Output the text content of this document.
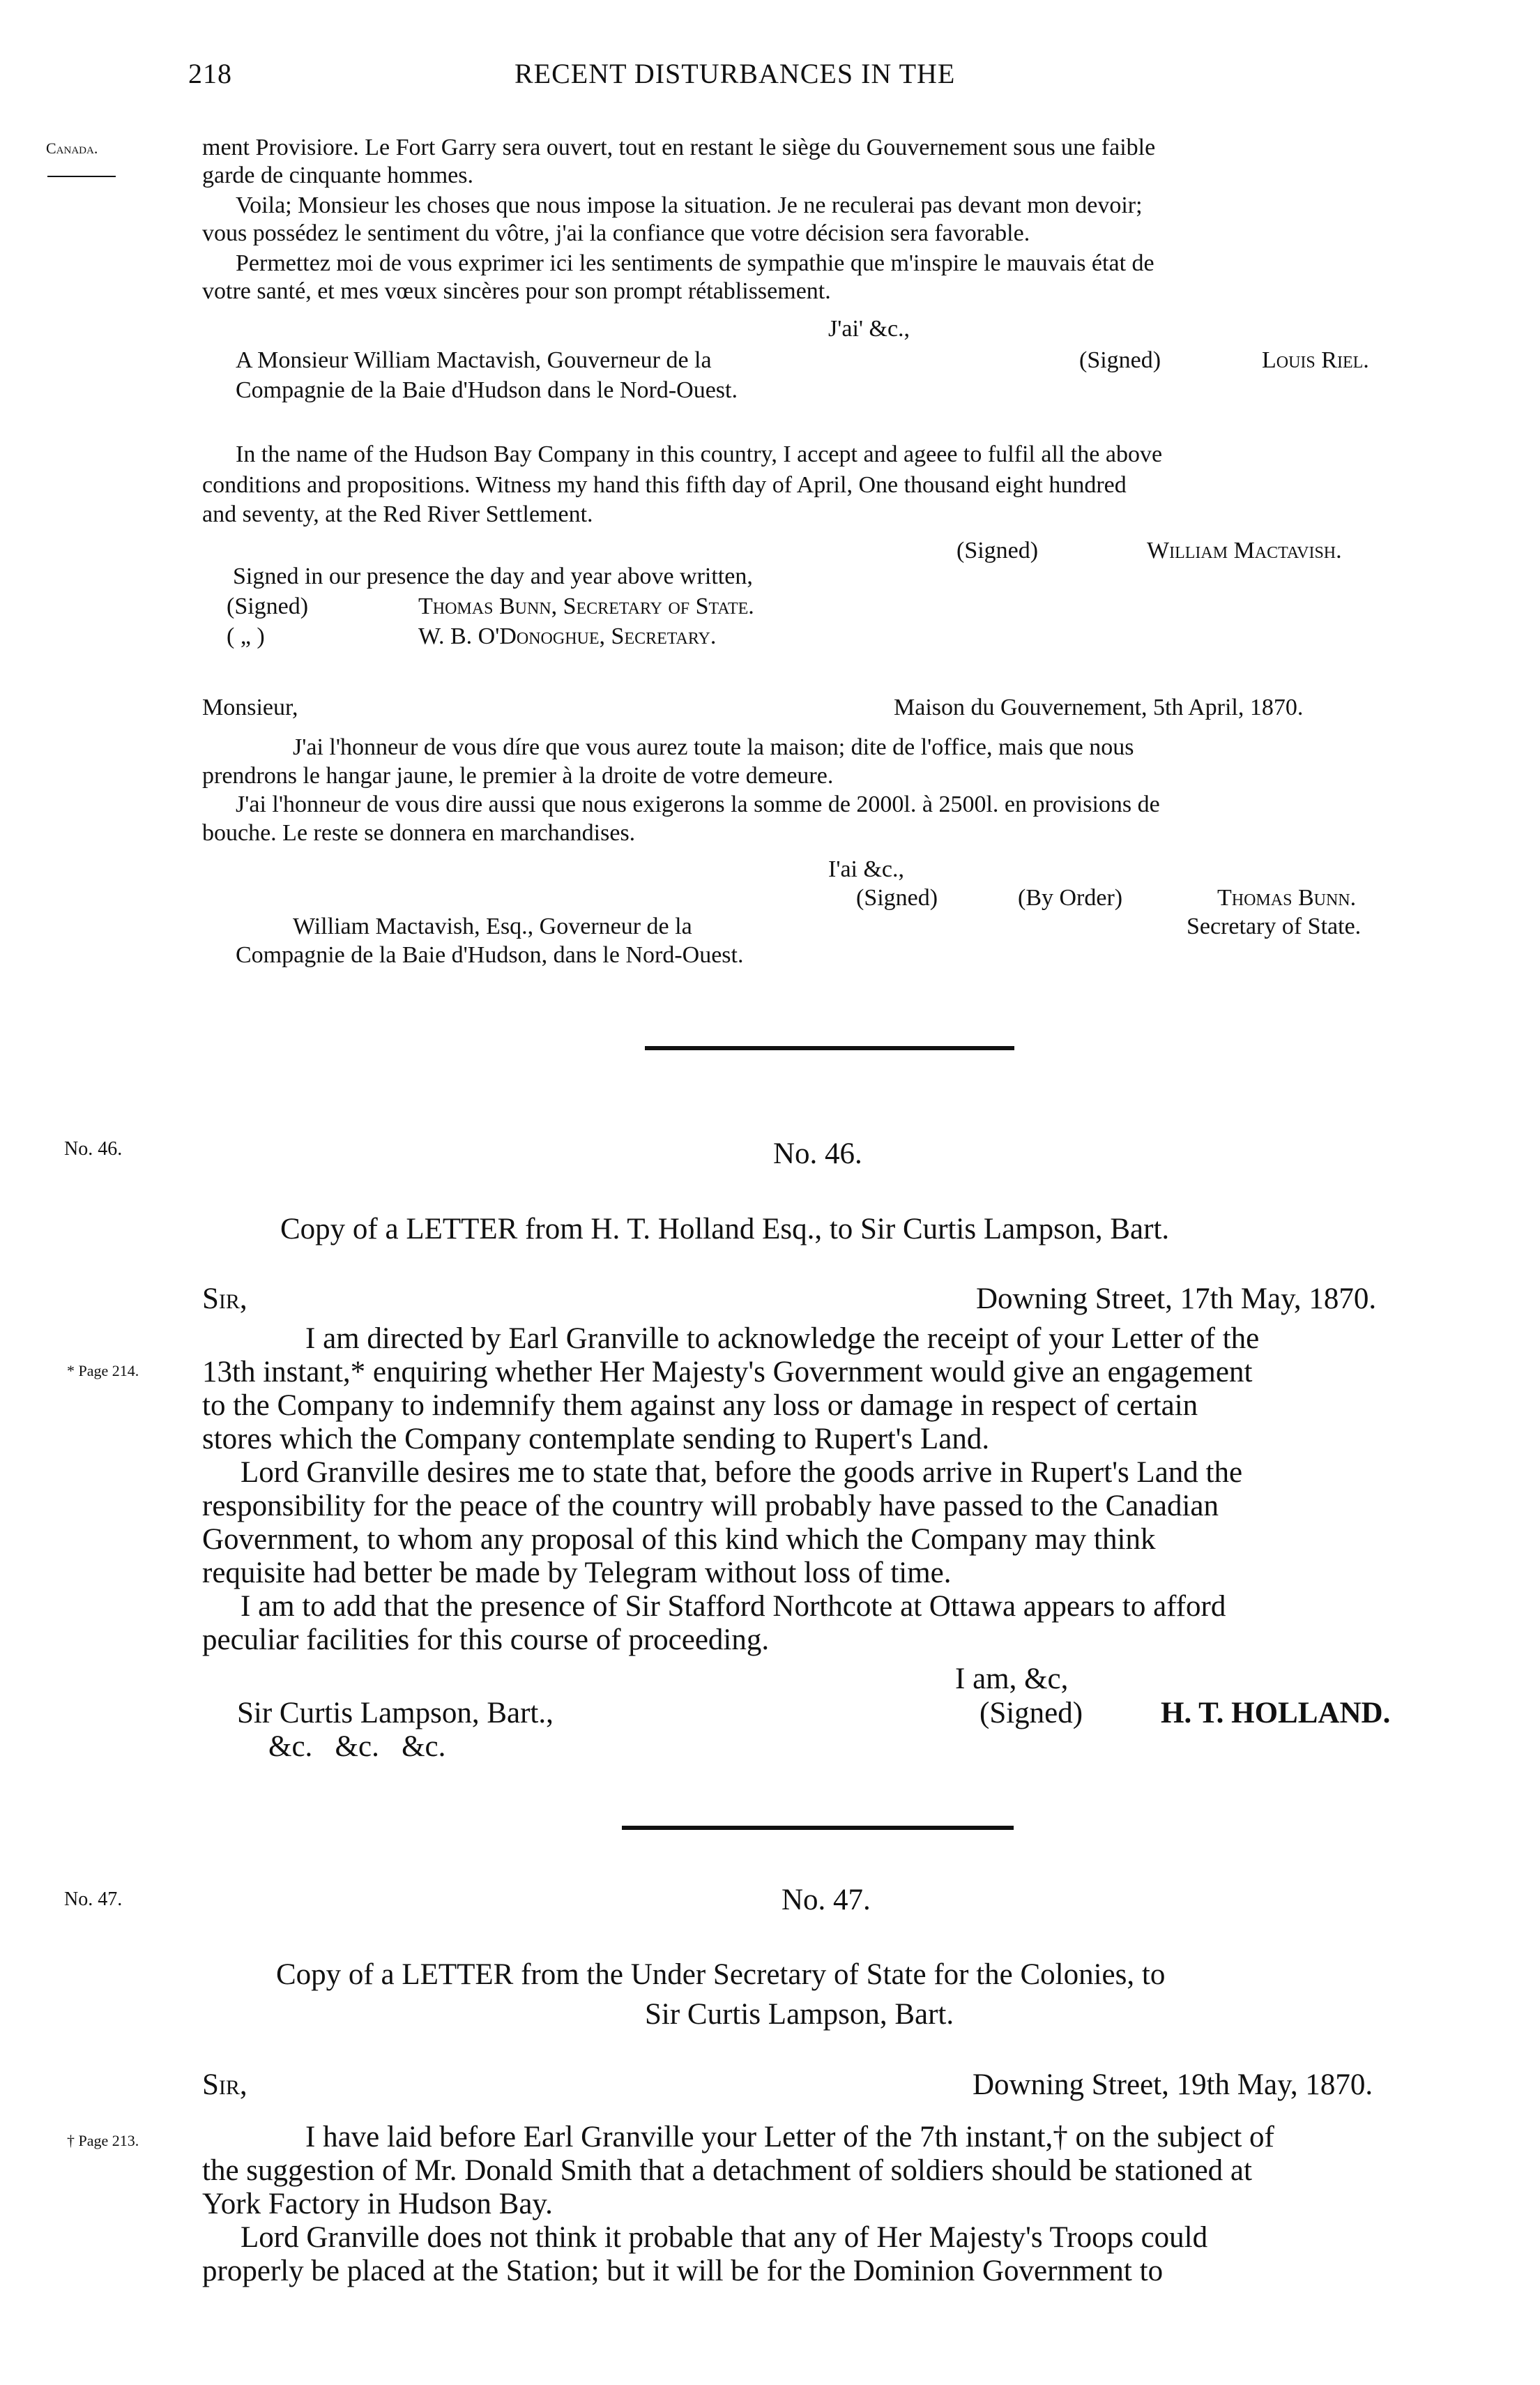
218	RECENT DISTURBANCES IN THE
Canada.
No. 46.
* Page 214.
No. 47.
† Page 213.
ment Provisiore. Le Fort Garry sera ouvert, tout en restant le siège du Gouvernement sous une faible
garde de cinquante hommes.
Voila; Monsieur les choses que nous impose la situation. Je ne reculerai pas devant mon devoir;
vous possédez le sentiment du vôtre, j'ai la confiance que votre décision sera favorable.
Permettez moi de vous exprimer ici les sentiments de sympathie que m'inspire le mauvais état de
votre santé, et mes vœux sincères pour son prompt rétablissement.
J'ai' &c.,
A Monsieur William Mactavish, Gouverneur de la
Compagnie de la Baie d'Hudson dans le Nord-Ouest.
(Signed)	Louis Riel.
In the name of the Hudson Bay Company in this country, I accept and ageee to fulfil all the above
conditions and propositions. Witness my hand this fifth day of April, One thousand eight hundred
and seventy, at the Red River Settlement.
(Signed)	William Mactavish.
Signed in our presence the day and year above written,
(Signed)	Thomas Bunn, Secretary of State.
( „ )	W. B. O'Donoghue, Secretary.
Monsieur,	Maison du Gouvernement, 5th April, 1870.
J'ai l'honneur de vous díre que vous aurez toute la maison; dite de l'office, mais que nous
prendrons le hangar jaune, le premier à la droite de votre demeure.
J'ai l'honneur de vous dire aussi que nous exigerons la somme de 2000l. à 2500l. en provisions de
bouche. Le reste se donnera en marchandises.
I'ai &c.,
(Signed)	(By Order)	Thomas Bunn.
William Mactavish, Esq., Governeur de la	Secretary of State.
Compagnie de la Baie d'Hudson, dans le Nord-Ouest.
No. 46.
Copy of a LETTER from H. T. Holland Esq., to Sir Curtis Lampson, Bart.
Sir,	Downing Street, 17th May, 1870.
I am directed by Earl Granville to acknowledge the receipt of your Letter of the
13th instant,* enquiring whether Her Majesty's Government would give an engagement
to the Company to indemnify them against any loss or damage in respect of certain
stores which the Company contemplate sending to Rupert's Land.
Lord Granville desires me to state that, before the goods arrive in Rupert's Land the
responsibility for the peace of the country will probably have passed to the Canadian
Government, to whom any proposal of this kind which the Company may think
requisite had better be made by Telegram without loss of time.
I am to add that the presence of Sir Stafford Northcote at Ottawa appears to afford
peculiar facilities for this course of proceeding.
I am, &c,
Sir Curtis Lampson, Bart.,	(Signed)	H. T. HOLLAND.
&c.   &c.   &c.
No. 47.
Copy of a LETTER from the Under Secretary of State for the Colonies, to
Sir Curtis Lampson, Bart.
Sir,	Downing Street, 19th May, 1870.
I have laid before Earl Granville your Letter of the 7th instant,† on the subject of
the suggestion of Mr. Donald Smith that a detachment of soldiers should be stationed at
York Factory in Hudson Bay.
Lord Granville does not think it probable that any of Her Majesty's Troops could
properly be placed at the Station; but it will be for the Dominion Government to
